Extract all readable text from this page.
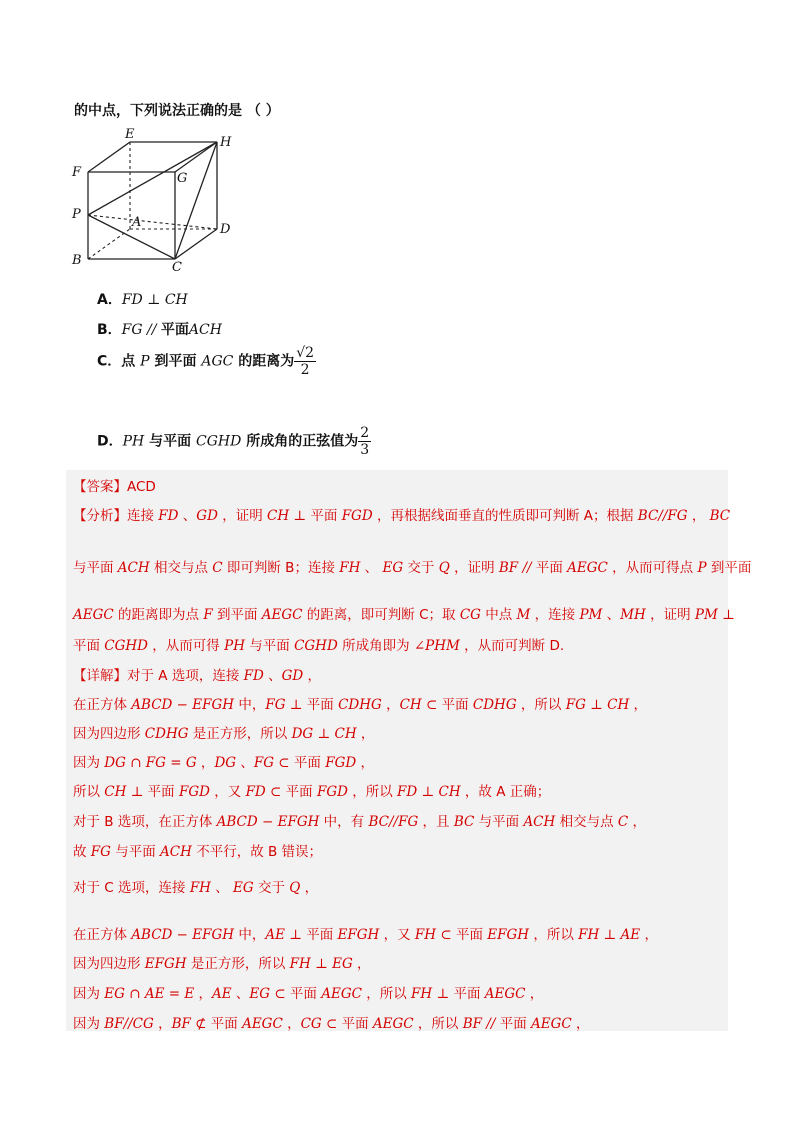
的中点，下列说法正确的是 （ ）
E
H
F	G
P
A	D
B	C
A．FD ⊥ CH
B．FG // 平面ACH
C．点 P 到平面 AGC 的距离为 $\frac{√2}{2}$
D．PH 与平面 CGHD 所成角的正弦值为 $\frac{2}{3}$
【答案】ACD
【分析】连接 FD 、GD ，证明 CH ⊥ 平面 FGD ，再根据线面垂直的性质即可判断 A；根据 BC//FG ， BC
与平面 ACH 相交与点 C 即可判断 B；连接 FH 、 EG 交于 Q ，证明 BF // 平面 AEGC ，从而可得点 P 到平面
AEGC 的距离即为点 F 到平面 AEGC 的距离，即可判断 C；取 CG 中点 M ，连接 PM 、MH ，证明 PM ⊥
平面 CGHD ，从而可得 PH 与平面 CGHD 所成角即为 ∠PHM ，从而可判断 D.
【详解】对于 A 选项，连接 FD 、GD ，
在正方体 ABCD − EFGH 中，FG ⊥ 平面 CDHG ，CH ⊂ 平面 CDHG ，所以 FG ⊥ CH ，
因为四边形 CDHG 是正方形，所以 DG ⊥ CH ，
因为 DG ∩ FG = G ，DG 、FG ⊂ 平面 FGD ，
所以 CH ⊥ 平面 FGD ，又 FD ⊂ 平面 FGD ，所以 FD ⊥ CH ，故 A 正确；
对于 B 选项，在正方体 ABCD − EFGH 中，有 BC//FG ，且 BC 与平面 ACH 相交与点 C ，
故 FG 与平面 ACH 不平行，故 B 错误；
对于 C 选项，连接 FH 、 EG 交于 Q ，
在正方体 ABCD − EFGH 中，AE ⊥ 平面 EFGH ，又 FH ⊂ 平面 EFGH ，所以 FH ⊥ AE ，
因为四边形 EFGH 是正方形，所以 FH ⊥ EG ，
因为 EG ∩ AE = E ，AE 、EG ⊂ 平面 AEGC ，所以 FH ⊥ 平面 AEGC ，
因为 BF//CG ，BF ⊄ 平面 AEGC ，CG ⊂ 平面 AEGC ，所以 BF // 平面 AEGC ，
